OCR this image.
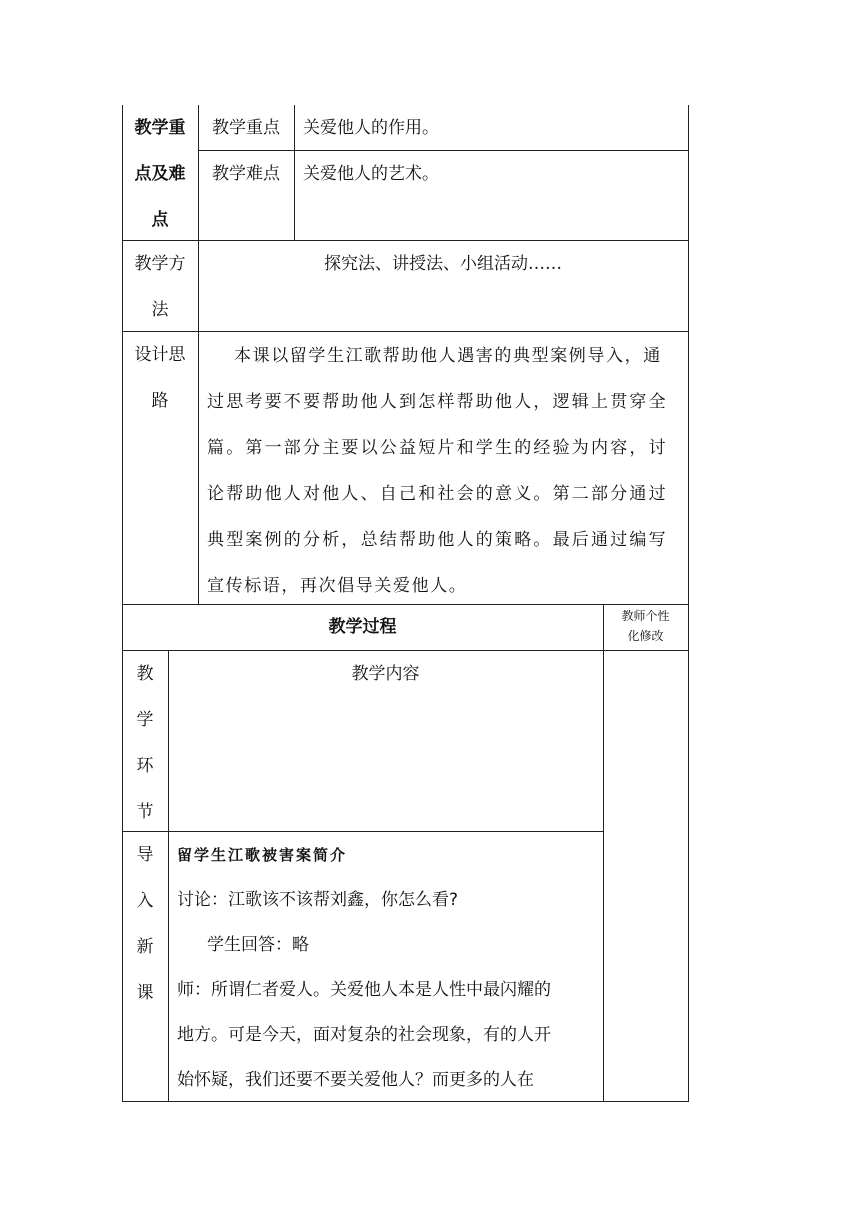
教学重
点及难
点
教学重点	关爱他人的作用。
教学难点	关爱他人的艺术。
教学方
法
探究法、讲授法、小组活动……
设计思
路
本课以留学生江歌帮助他人遇害的典型案例导入，通
过思考要不要帮助他人到怎样帮助他人，逻辑上贯穿全
篇。第一部分主要以公益短片和学生的经验为内容，讨
论帮助他人对他人、自己和社会的意义。第二部分通过
典型案例的分析，总结帮助他人的策略。最后通过编写
宣传标语，再次倡导关爱他人。
教学过程
教师个性
化修改
教
学
环
节
教学内容
导
入
新
课
留学生江歌被害案简介
讨论：江歌该不该帮刘鑫，你怎么看?
学生回答：略
师：所谓仁者爱人。关爱他人本是人性中最闪耀的
地方。可是今天，面对复杂的社会现象，有的人开
始怀疑，我们还要不要关爱他人？而更多的人在
